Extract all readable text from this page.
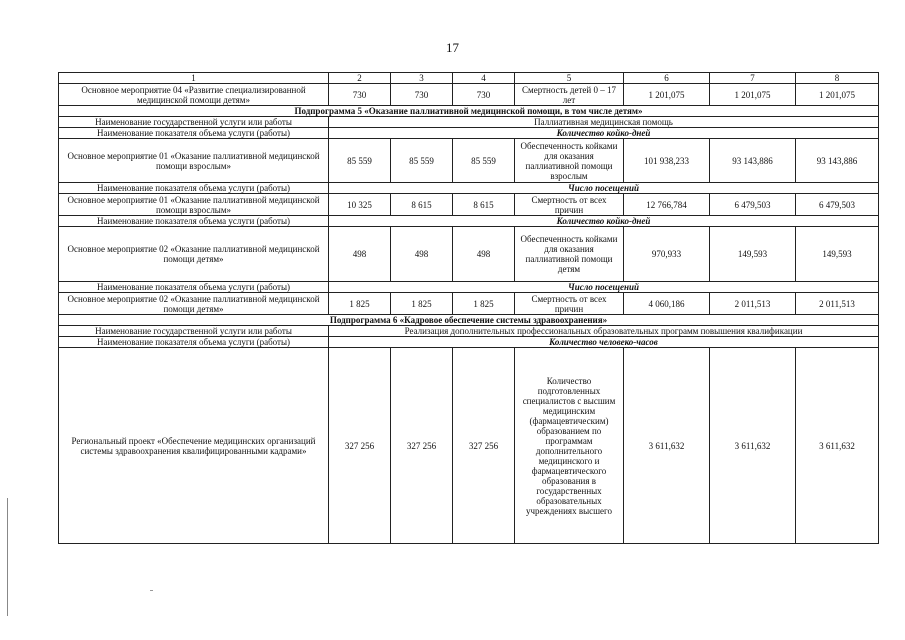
17
1	2	3	4	5	6	7	8
Основное мероприятие 04 «Развитие специализированной медицинской помощи детям»	730	730	730	Смертность детей 0 – 17 лет	1 201,075	1 201,075	1 201,075
Подпрограмма 5 «Оказание паллиативной медицинской помощи, в том числе детям»							
Наименование государственной услуги или работы	Паллиативная медицинская помощь						
Наименование показателя объема услуги (работы)	Количество койко-дней						
Основное мероприятие 01 «Оказание паллиативной медицинской помощи взрослым»	85 559	85 559	85 559	Обеспеченность койками для оказания паллиативной помощи взрослым	101 938,233	93 143,886	93 143,886
Наименование показателя объема услуги (работы)	Число посещений						
Основное мероприятие 01 «Оказание паллиативной медицинской помощи взрослым»	10 325	8 615	8 615	Смертность от всех причин	12 766,784	6 479,503	6 479,503
Наименование показателя объема услуги (работы)	Количество койко-дней						
Основное мероприятие 02 «Оказание паллиативной медицинской помощи детям»	498	498	498	Обеспеченность койками для оказания паллиативной помощи детям	970,933	149,593	149,593
Наименование показателя объема услуги (работы)	Число посещений						
Основное мероприятие 02 «Оказание паллиативной медицинской помощи детям»	1 825	1 825	1 825	Смертность от всех причин	4 060,186	2 011,513	2 011,513
Подпрограмма 6 «Кадровое обеспечение системы здравоохранения»							
Наименование государственной услуги или работы	Реализация дополнительных профессиональных образовательных программ повышения квалификации						
Наименование показателя объема услуги (работы)	Количество человеко-часов						
Региональный проект «Обеспечение медицинских организаций системы здравоохранения квалифицированными кадрами»	327 256	327 256	327 256	Количество подготовленных специалистов с высшим медицинским (фармацевтическим) образованием по программам дополнительного медицинского и фармацевтического образования в государственных образовательных учреждениях высшего	3 611,632	3 611,632	3 611,632
